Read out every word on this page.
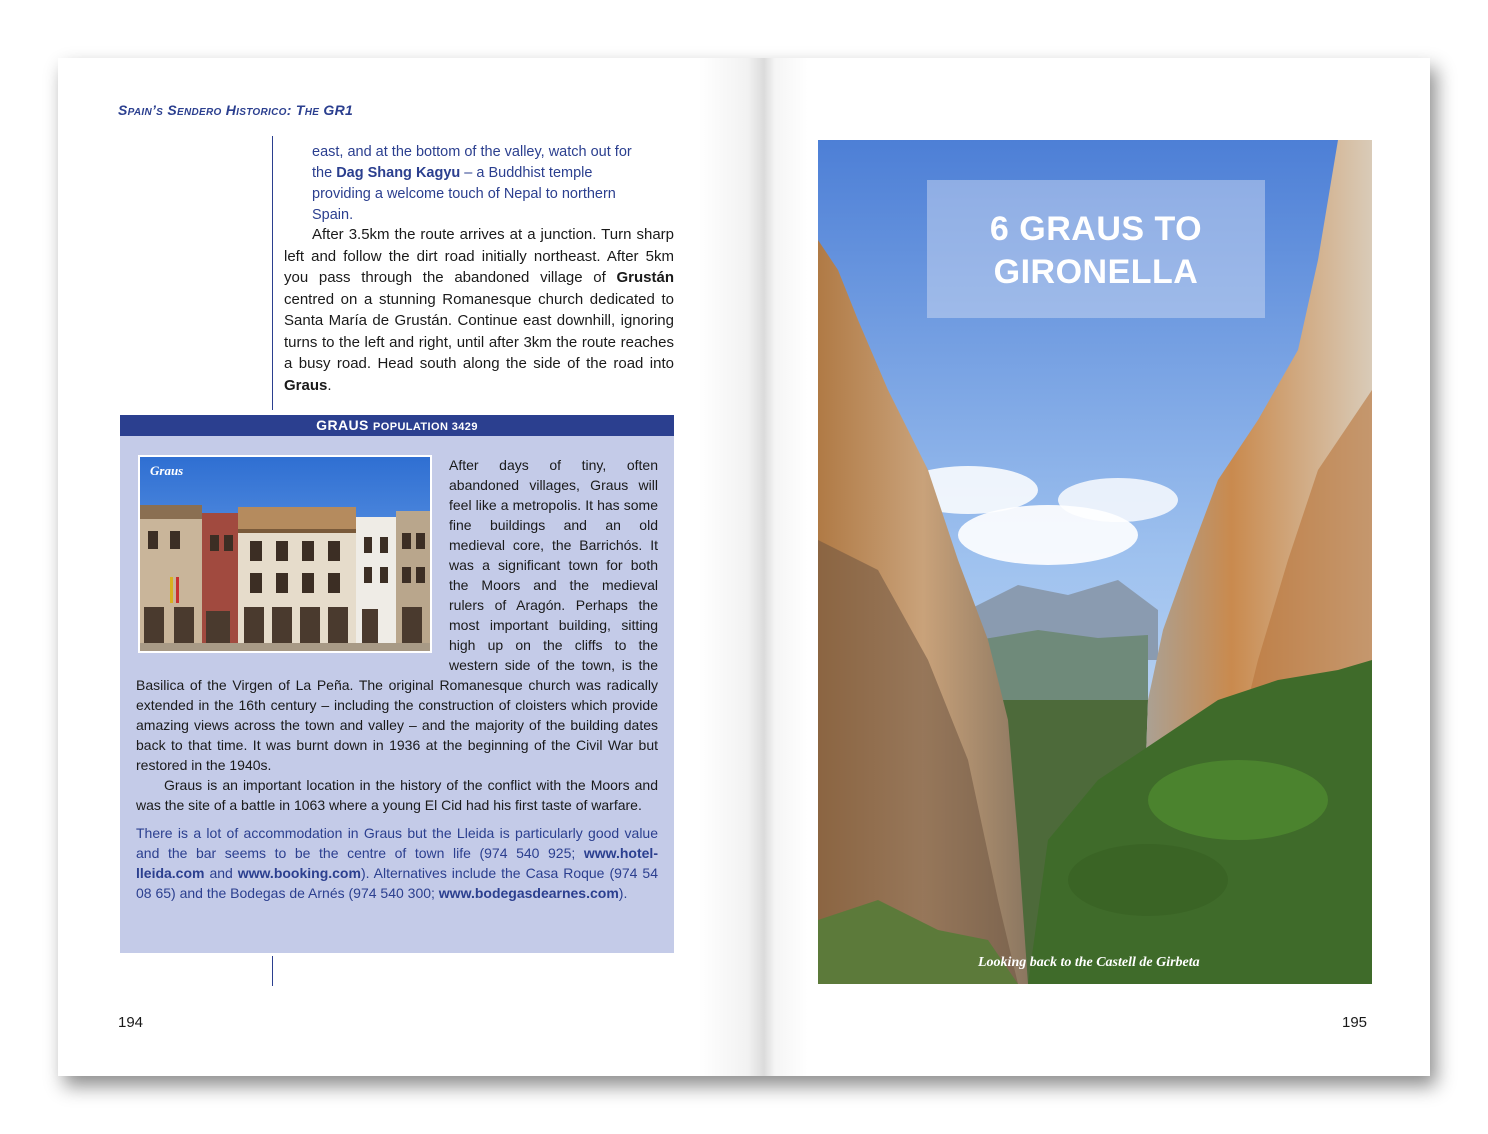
Spain’s Sendero Historico: The GR1
east, and at the bottom of the valley, watch out for the Dag Shang Kagyu – a Buddhist temple providing a welcome touch of Nepal to northern Spain.

After 3.5km the route arrives at a junction. Turn sharp left and follow the dirt road initially northeast. After 5km you pass through the abandoned village of Grustán centred on a stunning Romanesque church dedicated to Santa María de Grustán. Continue east downhill, ignoring turns to the left and right, until after 3km the route reaches a busy road. Head south along the side of the road into Graus.

GRAUS POPULATION 3429

After days of tiny, often abandoned villages, Graus will feel like a metropolis. It has some fine buildings and an old medieval core, the Barrichós. It was a significant town for both the Moors and the medieval rulers of Aragón. Perhaps the most important building, sitting high up on the cliffs to the western side of the town, is the Basilica of the Virgen of La Peña. The original Romanesque church was radically extended in the 16th century – including the construction of cloisters which provide amazing views across the town and valley – and the majority of the building dates back to that time. It was burnt down in 1936 at the beginning of the Civil War but restored in the 1940s.

Graus is an important location in the history of the conflict with the Moors and was the site of a battle in 1063 where a young El Cid had his first taste of warfare.

There is a lot of accommodation in Graus but the Lleida is particularly good value and the bar seems to be the centre of town life (974 540 925; www.hotel-lleida.com and www.booking.com). Alternatives include the Casa Roque (974 54 08 65) and the Bodegas de Arnés (974 540 300; www.bodegasdearnes.com).

Graus
194
6 GRAUS TO
GIRONELLA
Looking back to the Castell de Girbeta
195
